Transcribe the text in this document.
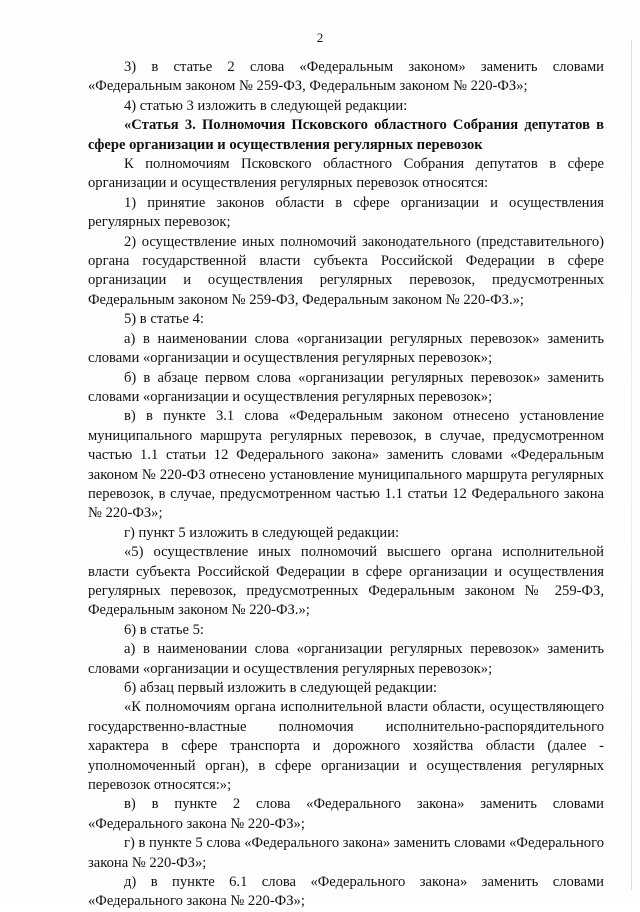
2

3) в статье 2 слова «Федеральным законом» заменить словами «Федеральным законом № 259-ФЗ, Федеральным законом № 220-ФЗ»;

4) статью 3 изложить в следующей редакции:

«Статья 3. Полномочия Псковского областного Собрания депутатов в сфере организации и осуществления регулярных перевозок

К полномочиям Псковского областного Собрания депутатов в сфере организации и осуществления регулярных перевозок относятся:

1) принятие законов области в сфере организации и осуществления регулярных перевозок;

2) осуществление иных полномочий законодательного (представительного) органа государственной власти субъекта Российской Федерации в сфере организации и осуществления регулярных перевозок, предусмотренных Федеральным законом № 259-ФЗ, Федеральным законом № 220-ФЗ.»;

5) в статье 4:

а) в наименовании слова «организации регулярных перевозок» заменить словами «организации и осуществления регулярных перевозок»;

б) в абзаце первом слова «организации регулярных перевозок» заменить словами «организации и осуществления регулярных перевозок»;

в) в пункте 3.1 слова «Федеральным законом отнесено установление муниципального маршрута регулярных перевозок, в случае, предусмотренном частью 1.1 статьи 12 Федерального закона» заменить словами «Федеральным законом № 220-ФЗ отнесено установление муниципального маршрута регулярных перевозок, в случае, предусмотренном частью 1.1 статьи 12 Федерального закона № 220-ФЗ»;

г) пункт 5 изложить в следующей редакции:

«5) осуществление иных полномочий высшего органа исполнительной власти субъекта Российской Федерации в сфере организации и осуществления регулярных перевозок, предусмотренных Федеральным законом № 259-ФЗ, Федеральным законом № 220-ФЗ.»;

6) в статье 5:

а) в наименовании слова «организации регулярных перевозок» заменить словами «организации и осуществления регулярных перевозок»;

б) абзац первый изложить в следующей редакции:

«К полномочиям органа исполнительной власти области, осуществляющего государственно-властные полномочия исполнительно-распорядительного характера в сфере транспорта и дорожного хозяйства области (далее - уполномоченный орган), в сфере организации и осуществления регулярных перевозок относятся:»;

в) в пункте 2 слова «Федерального закона» заменить словами «Федерального закона № 220-ФЗ»;

г) в пункте 5 слова «Федерального закона» заменить словами «Федерального закона № 220-ФЗ»;

д) в пункте 6.1 слова «Федерального закона» заменить словами «Федерального закона № 220-ФЗ»;
